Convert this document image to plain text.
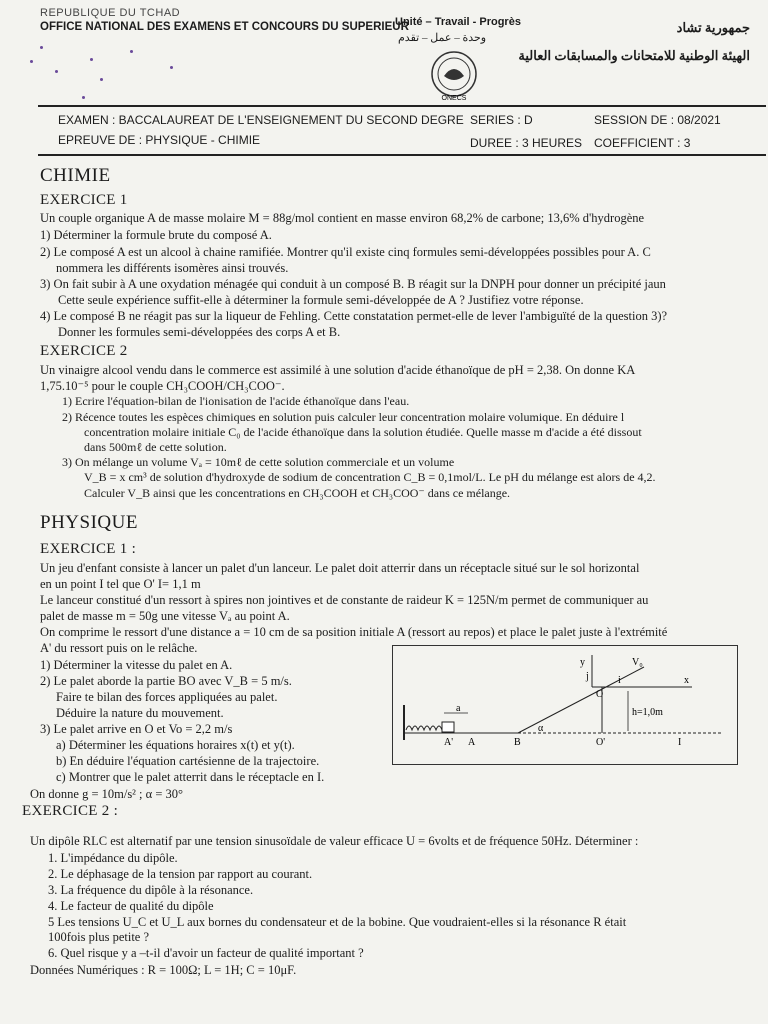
REPUBLIQUE DU TCHAD
OFFICE NATIONAL DES EXAMENS ET CONCOURS DU SUPERIEUR
Unité – Travail - Progrès
وحدة – عمل – تقدم
جمهورية تشاد
الهيئة الوطنية للامتحانات والمسابقات العالية
ONECS
EXAMEN : BACCALAUREAT DE L'ENSEIGNEMENT DU SECOND DEGRE SERIES : D	SESSION DE : 08/2021
EPREUVE DE : PHYSIQUE - CHIMIE	DUREE : 3 HEURES COEFFICIENT : 3
CHIMIE
EXERCICE 1
Un couple organique A de masse molaire M = 88g/mol contient en masse environ 68,2% de carbone; 13,6% d'hydrogène
1) Déterminer la formule brute du composé A.
2) Le composé A est un alcool à chaine ramifiée. Montrer qu'il existe cinq formules semi-développées possibles pour A. C
nommera les différents isomères ainsi trouvés.
3) On fait subir à A une oxydation ménagée qui conduit à un composé B. B réagit sur la DNPH pour donner un précipité jaun
Cette seule expérience suffit-elle à déterminer la formule semi-développée de A ? Justifiez votre réponse.
4) Le composé B ne réagit pas sur la liqueur de Fehling. Cette constatation permet-elle de lever l'ambiguïté de la question 3)?
Donner les formules semi-développées des corps A et B.
EXERCICE 2
Un vinaigre alcool vendu dans le commerce est assimilé à une solution d'acide éthanoïque de pH = 2,38. On donne KA
1,75.10⁻⁵ pour le couple CH₃COOH/CH₃COO⁻.
1) Ecrire l'équation-bilan de l'ionisation de l'acide éthanoïque dans l'eau.
2) Récence toutes les espèces chimiques en solution puis calculer leur concentration molaire volumique. En déduire l
concentration molaire initiale C₀ de l'acide éthanoïque dans la solution étudiée. Quelle masse m d'acide a été dissout
dans 500mℓ de cette solution.
3) On mélange un volume Vₐ = 10mℓ de cette solution commerciale et un volume
V_B = x cm³ de solution d'hydroxyde de sodium de concentration C_B = 0,1mol/L. Le pH du mélange est alors de 4,2.
Calculer V_B ainsi que les concentrations en CH₃COOH et CH₃COO⁻ dans ce mélange.
PHYSIQUE
EXERCICE 1 :
Un jeu d'enfant consiste à lancer un palet d'un lanceur. Le palet doit atterrir dans un réceptacle situé sur le sol horizontal
en un point I tel que O' I= 1,1 m
Le lanceur constitué d'un ressort à spires non jointives et de constante de raideur K = 125N/m permet de communiquer au
palet de masse m = 50g une vitesse Vₐ au point A.
On comprime le ressort d'une distance a = 10 cm de sa position initiale A (ressort au repos) et place le palet juste à l'extrémité
A' du ressort puis on le relâche.
1) Déterminer la vitesse du palet en A.
2) Le palet aborde la partie BO avec V_B = 5 m/s.
Faire te bilan des forces appliquées au palet.
Déduire la nature du mouvement.
3) Le palet arrive en O et Vo = 2,2 m/s
a) Déterminer les équations horaires x(t) et y(t).
b) En déduire l'équation cartésienne de la trajectoire.
c) Montrer que le palet atterrit dans le réceptacle en I.
On donne g = 10m/s² ; α = 30°
a
A' A	B
α
V₀
x
y
j	i
O
O'	I
h=1,0m
EXERCICE 2 :
Un dipôle RLC est alternatif par une tension sinusoïdale de valeur efficace U = 6volts et de fréquence 50Hz. Déterminer :
1. L'impédance du dipôle.
2. Le déphasage de la tension par rapport au courant.
3. La fréquence du dipôle à la résonance.
4. Le facteur de qualité du dipôle
5 Les tensions U_C et U_L aux bornes du condensateur et de la bobine. Que voudraient-elles si la résonance R était
100fois plus petite ?
6. Quel risque y a –t-il d'avoir un facteur de qualité important ?
Données Numériques : R = 100Ω; L = 1H; C = 10μF.
